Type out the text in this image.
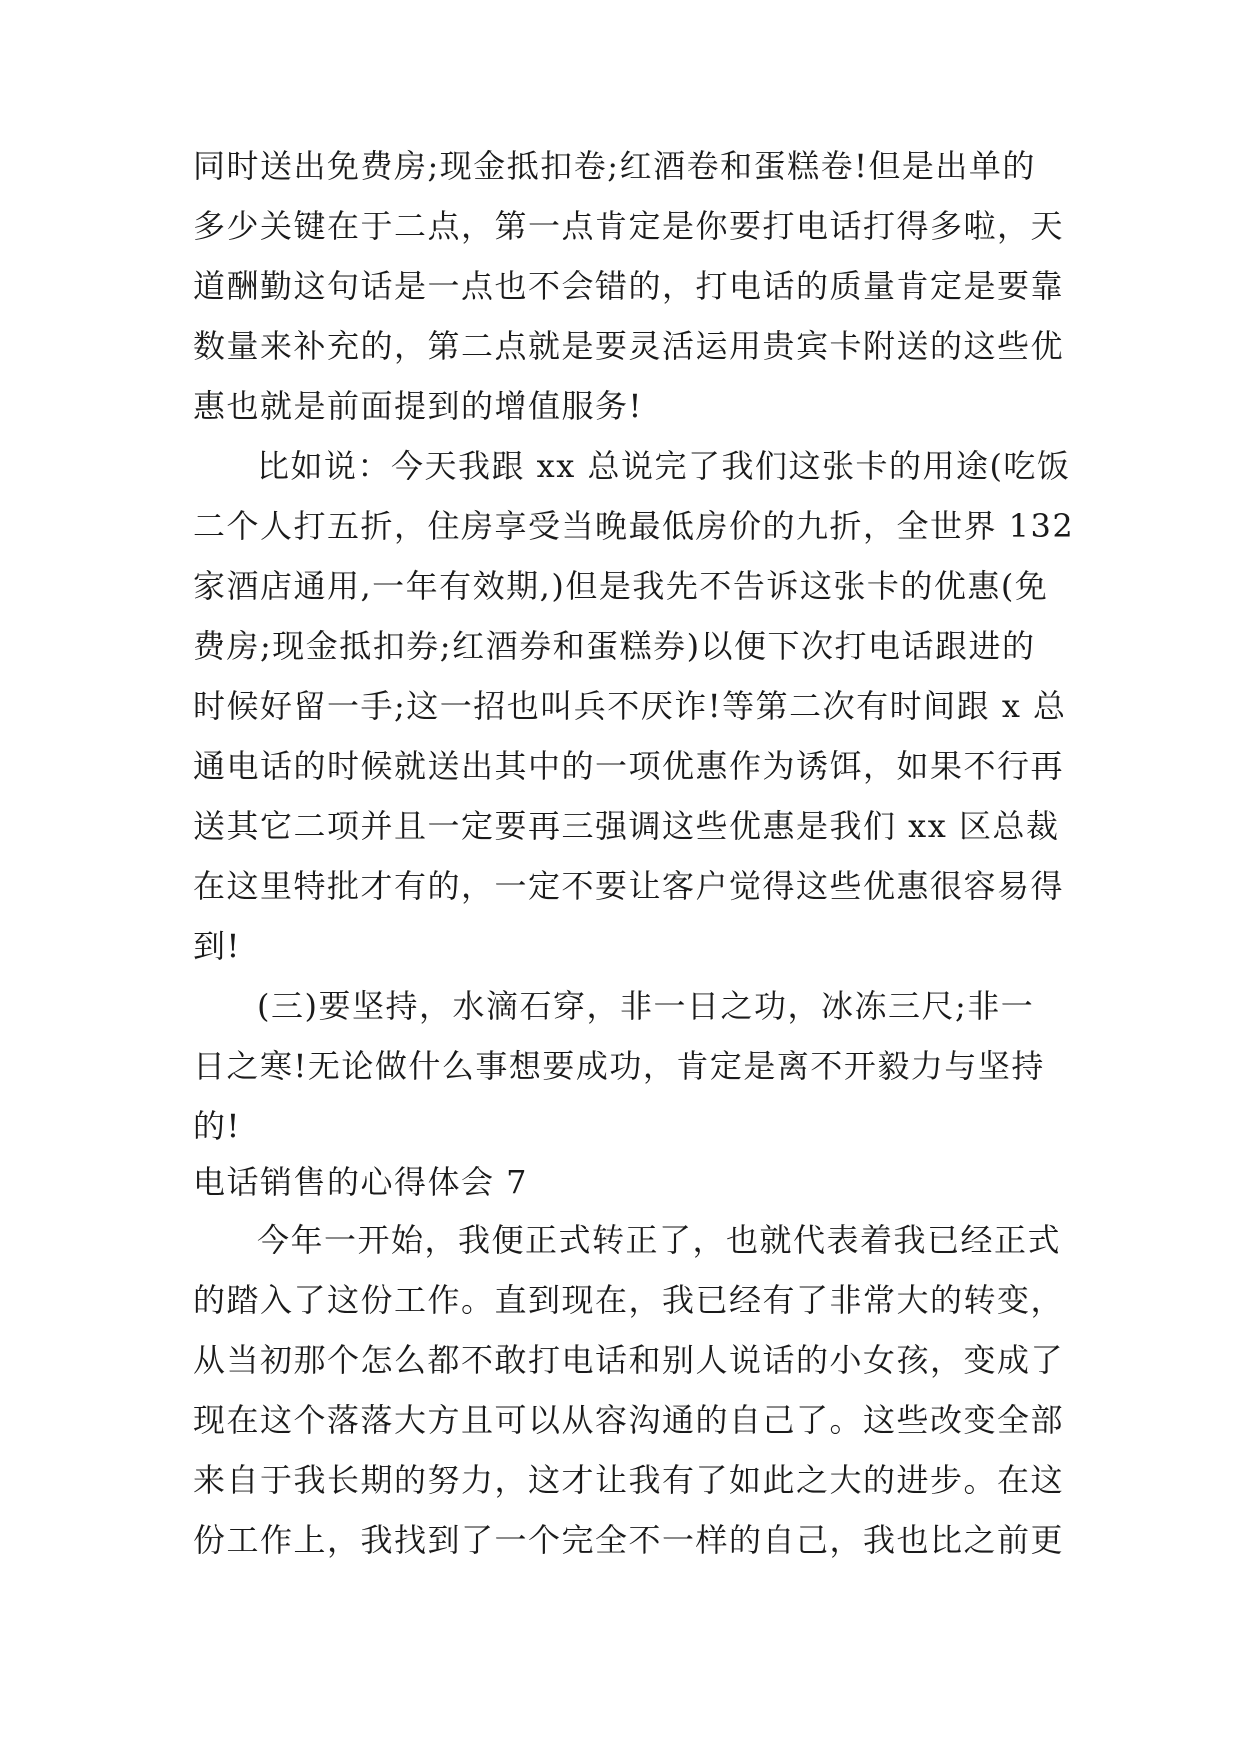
同时送出免费房;现金抵扣卷;红酒卷和蛋糕卷!但是出单的
多少关键在于二点，第一点肯定是你要打电话打得多啦，天
道酬勤这句话是一点也不会错的，打电话的质量肯定是要靠
数量来补充的，第二点就是要灵活运用贵宾卡附送的这些优
惠也就是前面提到的增值服务!
比如说：今天我跟 xx 总说完了我们这张卡的用途(吃饭
二个人打五折，住房享受当晚最低房价的九折，全世界 132
家酒店通用,一年有效期,)但是我先不告诉这张卡的优惠(免
费房;现金抵扣券;红酒券和蛋糕券)以便下次打电话跟进的
时候好留一手;这一招也叫兵不厌诈!等第二次有时间跟 x 总
通电话的时候就送出其中的一项优惠作为诱饵，如果不行再
送其它二项并且一定要再三强调这些优惠是我们 xx 区总裁
在这里特批才有的，一定不要让客户觉得这些优惠很容易得
到!
(三)要坚持，水滴石穿，非一日之功，冰冻三尺;非一
日之寒!无论做什么事想要成功，肯定是离不开毅力与坚持
的!
电话销售的心得体会 7
今年一开始，我便正式转正了，也就代表着我已经正式
的踏入了这份工作。直到现在，我已经有了非常大的转变，
从当初那个怎么都不敢打电话和别人说话的小女孩，变成了
现在这个落落大方且可以从容沟通的自己了。这些改变全部
来自于我长期的努力，这才让我有了如此之大的进步。在这
份工作上，我找到了一个完全不一样的自己，我也比之前更
